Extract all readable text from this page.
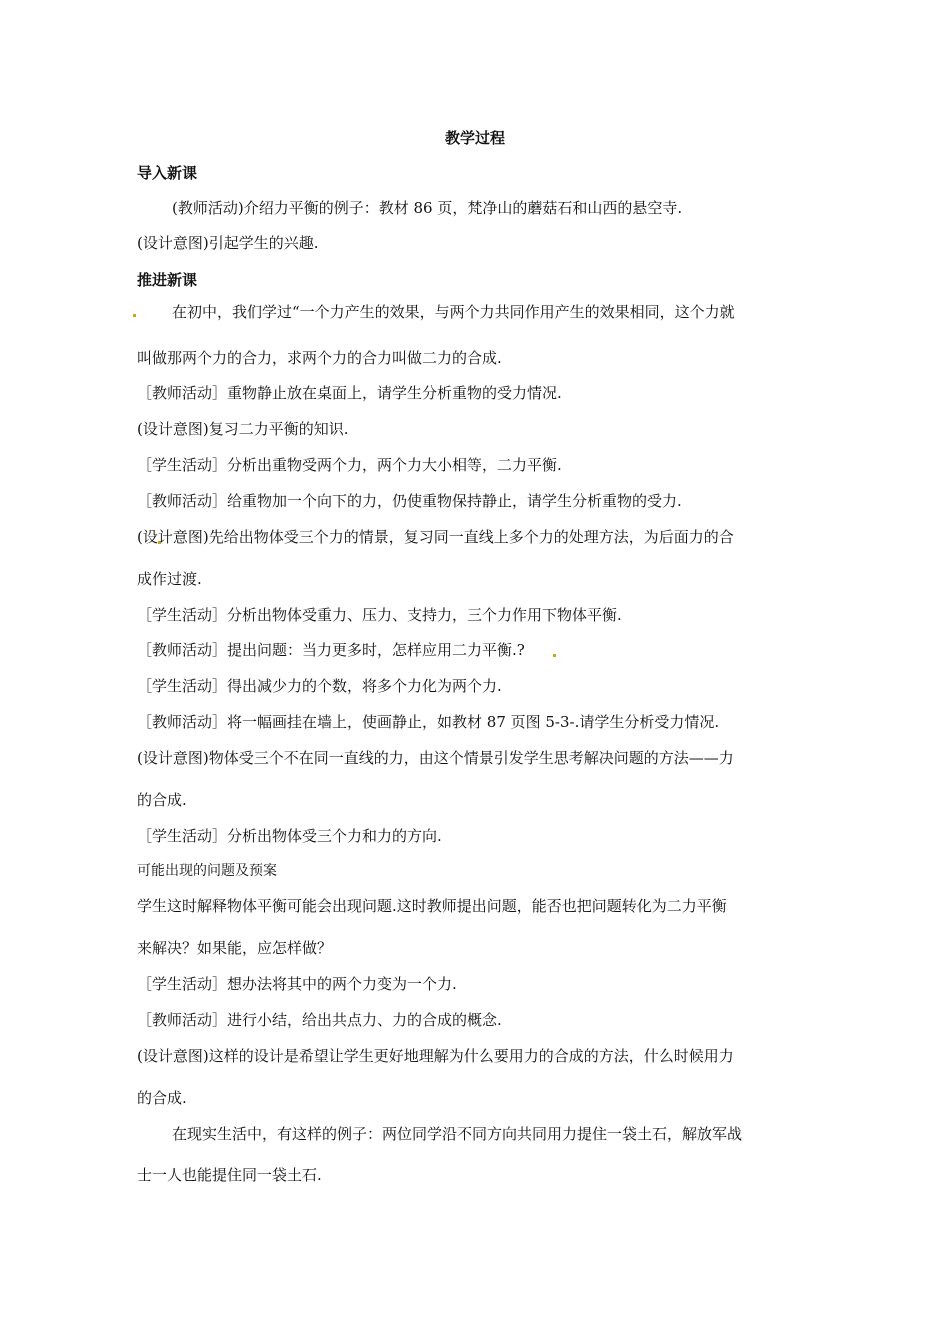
教学过程
导入新课
(教师活动)介绍力平衡的例子：教材 86 页，梵净山的蘑菇石和山西的悬空寺.
(设计意图)引起学生的兴趣.
推进新课
在初中，我们学过“一个力产生的效果，与两个力共同作用产生的效果相同，这个力就
叫做那两个力的合力，求两个力的合力叫做二力的合成.
［教师活动］重物静止放在桌面上，请学生分析重物的受力情况.
(设计意图)复习二力平衡的知识.
［学生活动］分析出重物受两个力，两个力大小相等，二力平衡.
［教师活动］给重物加一个向下的力，仍使重物保持静止，请学生分析重物的受力.
(设计意图)先给出物体受三个力的情景，复习同一直线上多个力的处理方法，为后面力的合
成作过渡.
［学生活动］分析出物体受重力、压力、支持力，三个力作用下物体平衡.
［教师活动］提出问题：当力更多时，怎样应用二力平衡.?
［学生活动］得出减少力的个数，将多个力化为两个力.
［教师活动］将一幅画挂在墙上，使画静止，如教材 87 页图 5-3-.请学生分析受力情况.
(设计意图)物体受三个不在同一直线的力，由这个情景引发学生思考解决问题的方法——力
的合成.
［学生活动］分析出物体受三个力和力的方向.
可能出现的问题及预案
学生这时解释物体平衡可能会出现问题.这时教师提出问题，能否也把问题转化为二力平衡
来解决？如果能，应怎样做？
［学生活动］想办法将其中的两个力变为一个力.
［教师活动］进行小结，给出共点力、力的合成的概念.
(设计意图)这样的设计是希望让学生更好地理解为什么要用力的合成的方法，什么时候用力
的合成.
在现实生活中，有这样的例子：两位同学沿不同方向共同用力提住一袋土石，解放军战
士一人也能提住同一袋土石.
